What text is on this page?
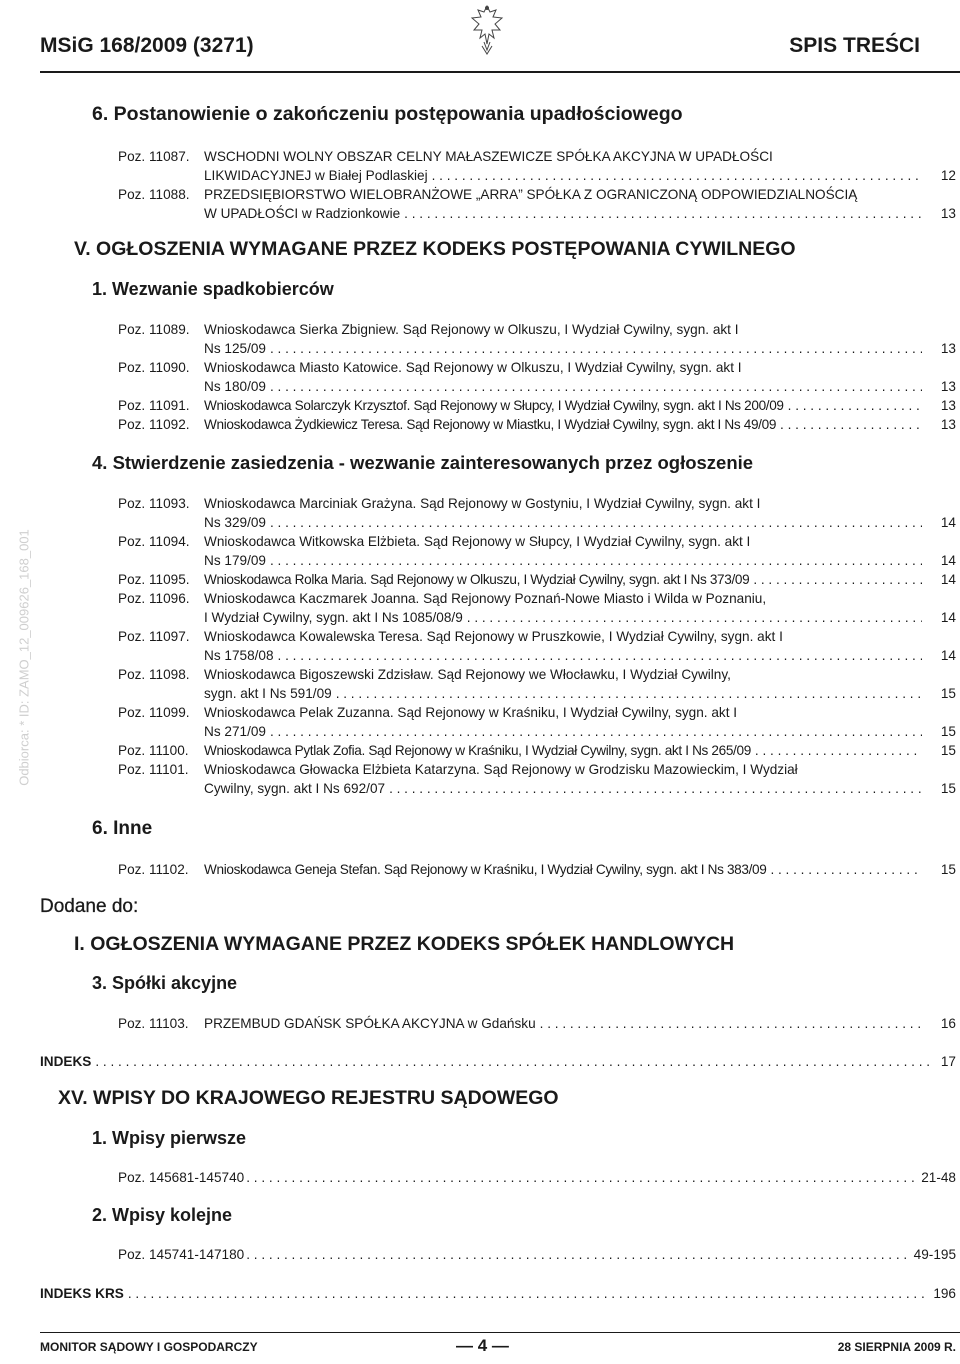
MSiG 168/2009 (3271)	SPIS TREŚCI
Odbiorca: * ID: ZAMO_12_009626_168_001
6. Postanowienie o zakończeniu postępowania upadłościowego
Poz. 11087. WSCHODNI WOLNY OBSZAR CELNY MAŁASZEWICZE SPÓŁKA AKCYJNA W UPADŁOŚCI
LIKWIDACYJNEJ w Białej Podlaskiej . . .	12
Poz. 11088. PRZEDSIĘBIORSTWO WIELOBRANŻOWE „ARRA” SPÓŁKA Z OGRANICZONĄ ODPOWIEDZIALNOŚCIĄ
W UPADŁOŚCI w Radzionkowie . . .	13
V. OGŁOSZENIA WYMAGANE PRZEZ KODEKS POSTĘPOWANIA CYWILNEGO
1. Wezwanie spadkobierców
Poz. 11089. Wnioskodawca Sierka Zbigniew. Sąd Rejonowy w Olkuszu, I Wydział Cywilny, sygn. akt I
Ns 125/09 . . .	13
Poz. 11090. Wnioskodawca Miasto Katowice. Sąd Rejonowy w Olkuszu, I Wydział Cywilny, sygn. akt I
Ns 180/09 . . .	13
Poz. 11091. Wnioskodawca Solarczyk Krzysztof. Sąd Rejonowy w Słupcy, I Wydział Cywilny, sygn. akt I Ns 200/09 . . .	13
Poz. 11092. Wnioskodawca Żydkiewicz Teresa. Sąd Rejonowy w Miastku, I Wydział Cywilny, sygn. akt I Ns 49/09 . . .	13
4. Stwierdzenie zasiedzenia - wezwanie zainteresowanych przez ogłoszenie
Poz. 11093. Wnioskodawca Marciniak Grażyna. Sąd Rejonowy w Gostyniu, I Wydział Cywilny, sygn. akt I
Ns 329/09 . . .	14
Poz. 11094. Wnioskodawca Witkowska Elżbieta. Sąd Rejonowy w Słupcy, I Wydział Cywilny, sygn. akt I
Ns 179/09 . . .	14
Poz. 11095. Wnioskodawca Rolka Maria. Sąd Rejonowy w Olkuszu, I Wydział Cywilny, sygn. akt I Ns 373/09 . . .	14
Poz. 11096. Wnioskodawca Kaczmarek Joanna. Sąd Rejonowy Poznań-Nowe Miasto i Wilda w Poznaniu,
I Wydział Cywilny, sygn. akt I Ns 1085/08/9 . . .	14
Poz. 11097. Wnioskodawca Kowalewska Teresa. Sąd Rejonowy w Pruszkowie, I Wydział Cywilny, sygn. akt I
Ns 1758/08 . . .	14
Poz. 11098. Wnioskodawca Bigoszewski Zdzisław. Sąd Rejonowy we Włocławku, I Wydział Cywilny,
sygn. akt I Ns 591/09 . . .	15
Poz. 11099. Wnioskodawca Pelak Zuzanna. Sąd Rejonowy w Kraśniku, I Wydział Cywilny, sygn. akt I
Ns 271/09 . . .	15
Poz. 11100. Wnioskodawca Pytlak Zofia. Sąd Rejonowy w Kraśniku, I Wydział Cywilny, sygn. akt I Ns 265/09 . . .	15
Poz. 11101. Wnioskodawca Głowacka Elżbieta Katarzyna. Sąd Rejonowy w Grodzisku Mazowieckim, I Wydział
Cywilny, sygn. akt I Ns 692/07 . . .	15
6. Inne
Poz. 11102. Wnioskodawca Geneja Stefan. Sąd Rejonowy w Kraśniku, I Wydział Cywilny, sygn. akt I Ns 383/09 . . .	15
Dodane do:
I. OGŁOSZENIA WYMAGANE PRZEZ KODEKS SPÓŁEK HANDLOWYCH
3. Spółki akcyjne
Poz. 11103. PRZEMBUD GDAŃSK SPÓŁKA AKCYJNA w Gdańsku . . .	16
INDEKS . . .	17
XV. WPISY DO KRAJOWEGO REJESTRU SĄDOWEGO
1. Wpisy pierwsze
Poz. 145681-145740 . . .	21-48
2. Wpisy kolejne
Poz. 145741-147180 . . .	49-195
INDEKS KRS . . .	196
MONITOR SĄDOWY I GOSPODARCZY	— 4 —	28 SIERPNIA 2009 R.
